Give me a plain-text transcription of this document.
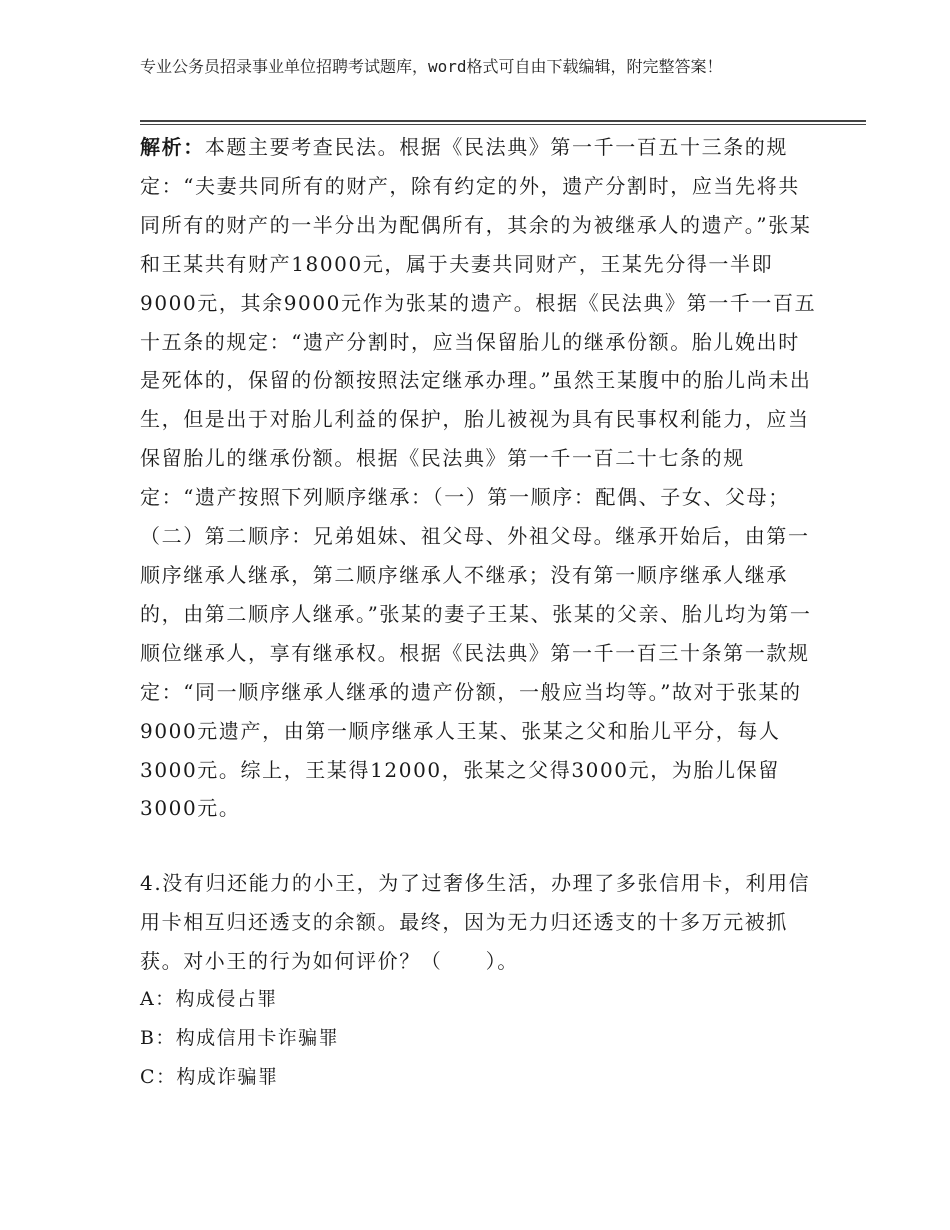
专业公务员招录事业单位招聘考试题库，word格式可自由下载编辑，附完整答案！
解析：本题主要考查民法。根据《民法典》第一千一百五十三条的规定：“夫妻共同所有的财产，除有约定的外，遗产分割时，应当先将共同所有的财产的一半分出为配偶所有，其余的为被继承人的遗产。”张某和王某共有财产18000元，属于夫妻共同财产，王某先分得一半即9000元，其余9000元作为张某的遗产。根据《民法典》第一千一百五十五条的规定：“遗产分割时，应当保留胎儿的继承份额。胎儿娩出时是死体的，保留的份额按照法定继承办理。”虽然王某腹中的胎儿尚未出生，但是出于对胎儿利益的保护，胎儿被视为具有民事权利能力，应当保留胎儿的继承份额。根据《民法典》第一千一百二十七条的规定：“遗产按照下列顺序继承：（一）第一顺序：配偶、子女、父母；（二）第二顺序：兄弟姐妹、祖父母、外祖父母。继承开始后，由第一顺序继承人继承，第二顺序继承人不继承；没有第一顺序继承人继承的，由第二顺序人继承。”张某的妻子王某、张某的父亲、胎儿均为第一顺位继承人，享有继承权。根据《民法典》第一千一百三十条第一款规定：“同一顺序继承人继承的遗产份额，一般应当均等。”故对于张某的9000元遗产，由第一顺序继承人王某、张某之父和胎儿平分，每人3000元。综上，王某得12000，张某之父得3000元，为胎儿保留3000元。
4.没有归还能力的小王，为了过奢侈生活，办理了多张信用卡，利用信用卡相互归还透支的余额。最终，因为无力归还透支的十多万元被抓获。对小王的行为如何评价？（　　）。
A：构成侵占罪
B：构成信用卡诈骗罪
C：构成诈骗罪
